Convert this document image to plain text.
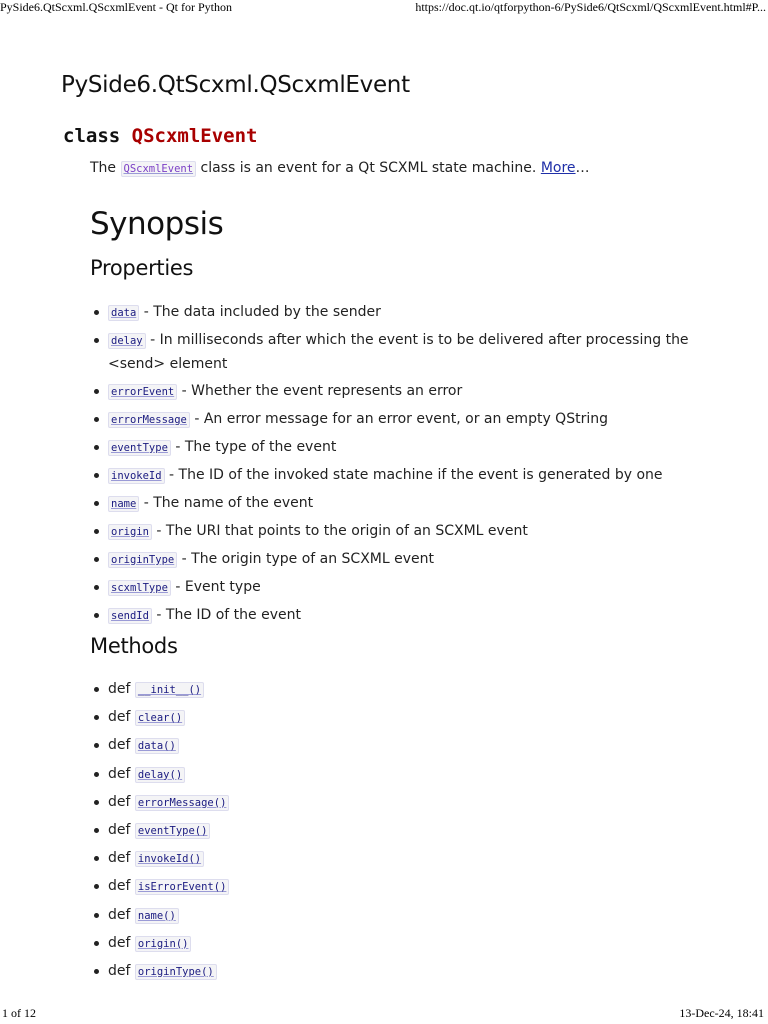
PySide6.QtScxml.QScxmlEvent - Qt for Python	https://doc.qt.io/qtforpython-6/PySide6/QtScxml/QScxmlEvent.html#P...
PySide6.QtScxml.QScxmlEvent
class QScxmlEvent

The QScxmlEvent class is an event for a Qt SCXML state machine. More…

Synopsis
Properties
data - The data included by the sender
delay - In milliseconds after which the event is to be delivered after processing the <send> element
errorEvent - Whether the event represents an error
errorMessage - An error message for an error event, or an empty QString
eventType - The type of the event
invokeId - The ID of the invoked state machine if the event is generated by one
name - The name of the event
origin - The URI that points to the origin of an SCXML event
originType - The origin type of an SCXML event
scxmlType - Event type
sendId - The ID of the event
Methods
def __init__()
def clear()
def data()
def delay()
def errorMessage()
def eventType()
def invokeId()
def isErrorEvent()
def name()
def origin()
def originType()
1 of 12	13-Dec-24, 18:41
